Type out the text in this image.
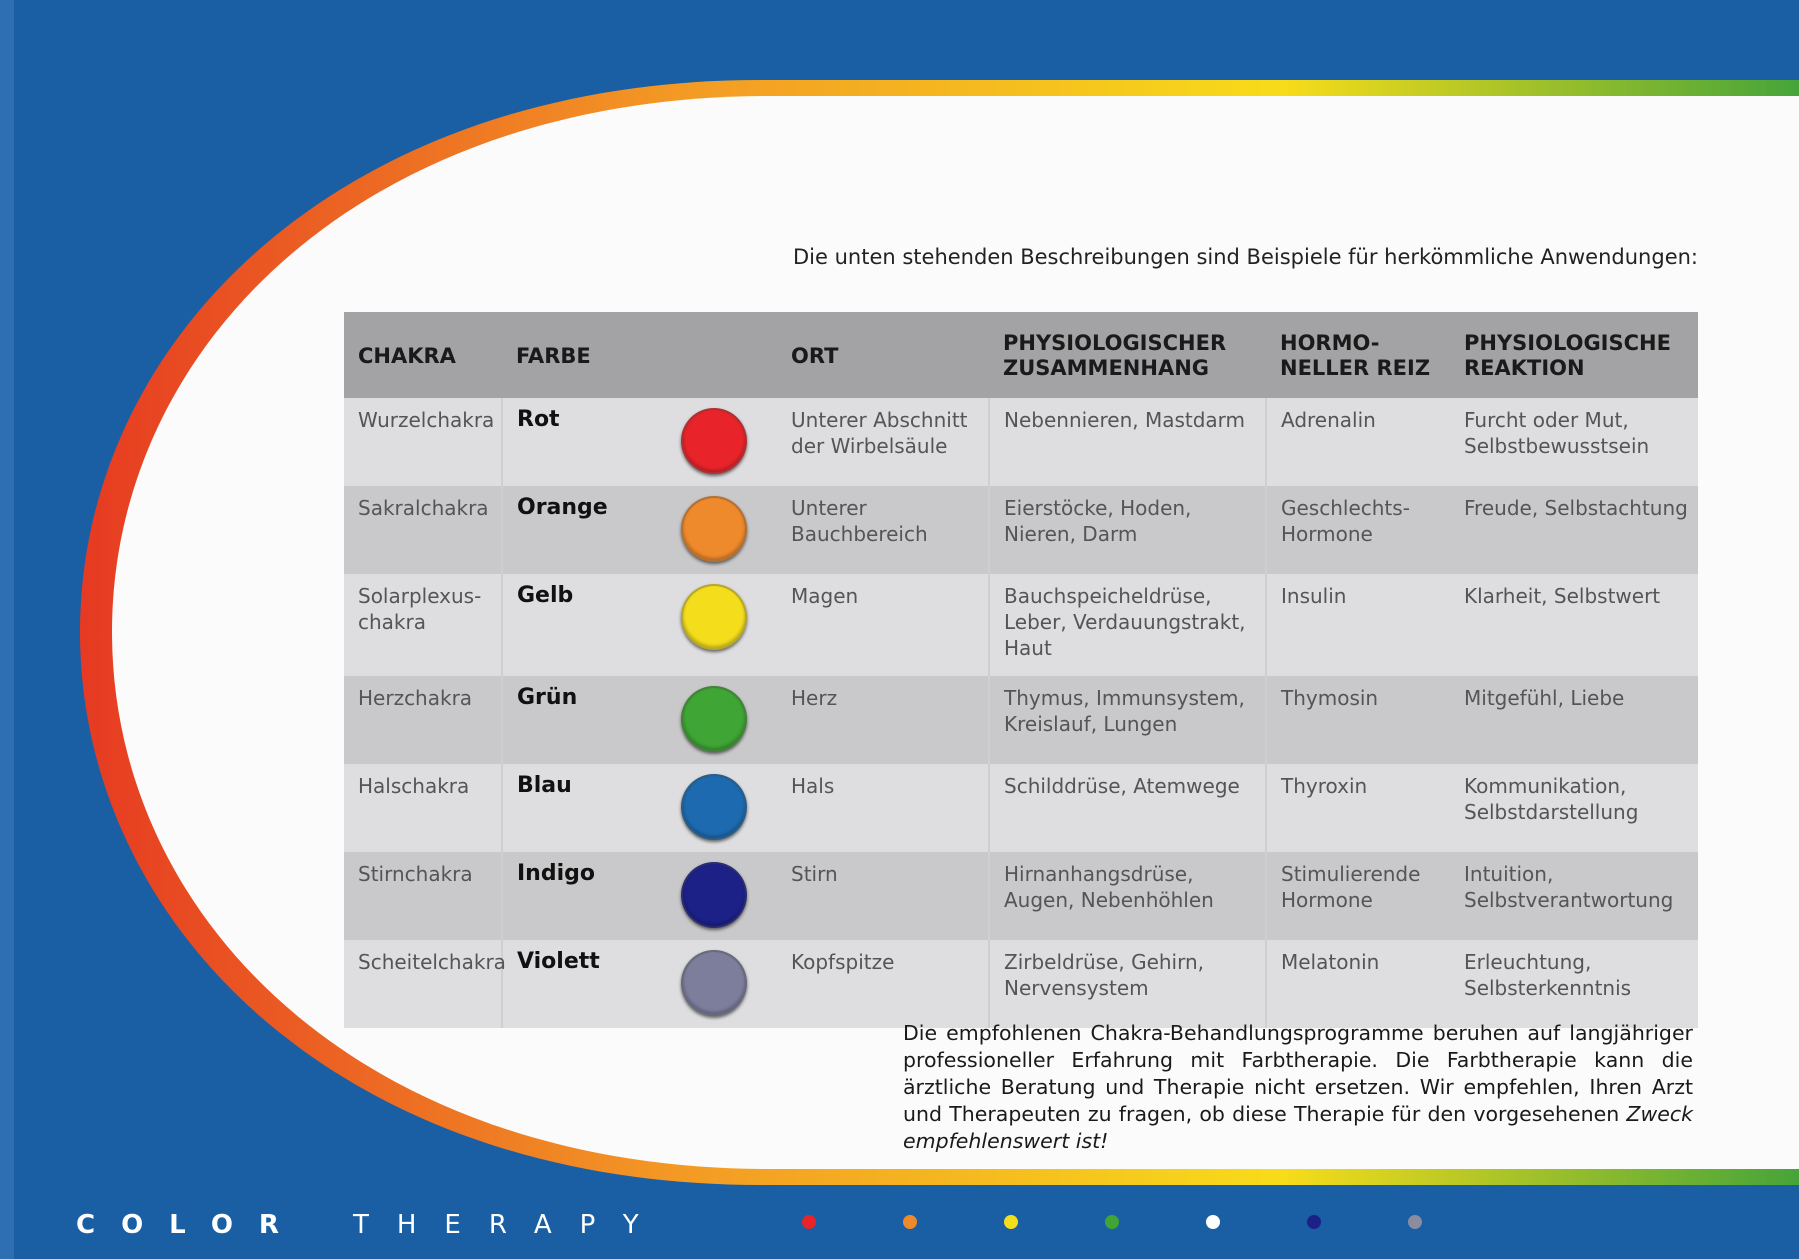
Die unten stehenden Beschreibungen sind Beispiele für herkömmliche Anwendungen:
CHAKRA	FARBE		ORT	PHYSIOLOGISCHER ZUSAMMENHANG	HORMO- NELLER REIZ	PHYSIOLOGISCHE REAKTION
Wurzelchakra	Rot		Unterer Abschnitt der Wirbelsäule	Nebennieren, Mastdarm	Adrenalin	Furcht oder Mut, Selbstbewusstsein
Sakralchakra	Orange		Unterer Bauchbereich	Eierstöcke, Hoden, Nieren, Darm	Geschlechts- Hormone	Freude, Selbstachtung
Solarplexus- chakra	Gelb		Magen	Bauchspeicheldrüse, Leber, Verdauungstrakt, Haut	Insulin	Klarheit, Selbstwert
Herzchakra	Grün		Herz	Thymus, Immunsystem, Kreislauf, Lungen	Thymosin	Mitgefühl, Liebe
Halschakra	Blau		Hals	Schilddrüse, Atemwege	Thyroxin	Kommunikation, Selbstdarstellung
Stirnchakra	Indigo		Stirn	Hirnanhangsdrüse, Augen, Nebenhöhlen	Stimulierende Hormone	Intuition, Selbstverantwortung
Scheitelchakra	Violett		Kopfspitze	Zirbeldrüse, Gehirn, Nervensystem	Melatonin	Erleuchtung, Selbsterkenntnis
Die empfohlenen Chakra-Behandlungsprogramme beruhen auf langjähriger professioneller Erfahrung mit Farbtherapie. Die Farbtherapie kann die ärztliche Beratung und Therapie nicht ersetzen. Wir empfehlen, Ihren Arzt und Therapeuten zu fragen, ob diese Therapie für den vorgesehenen Zweck empfehlenswert ist!
COLOR THERAPY
